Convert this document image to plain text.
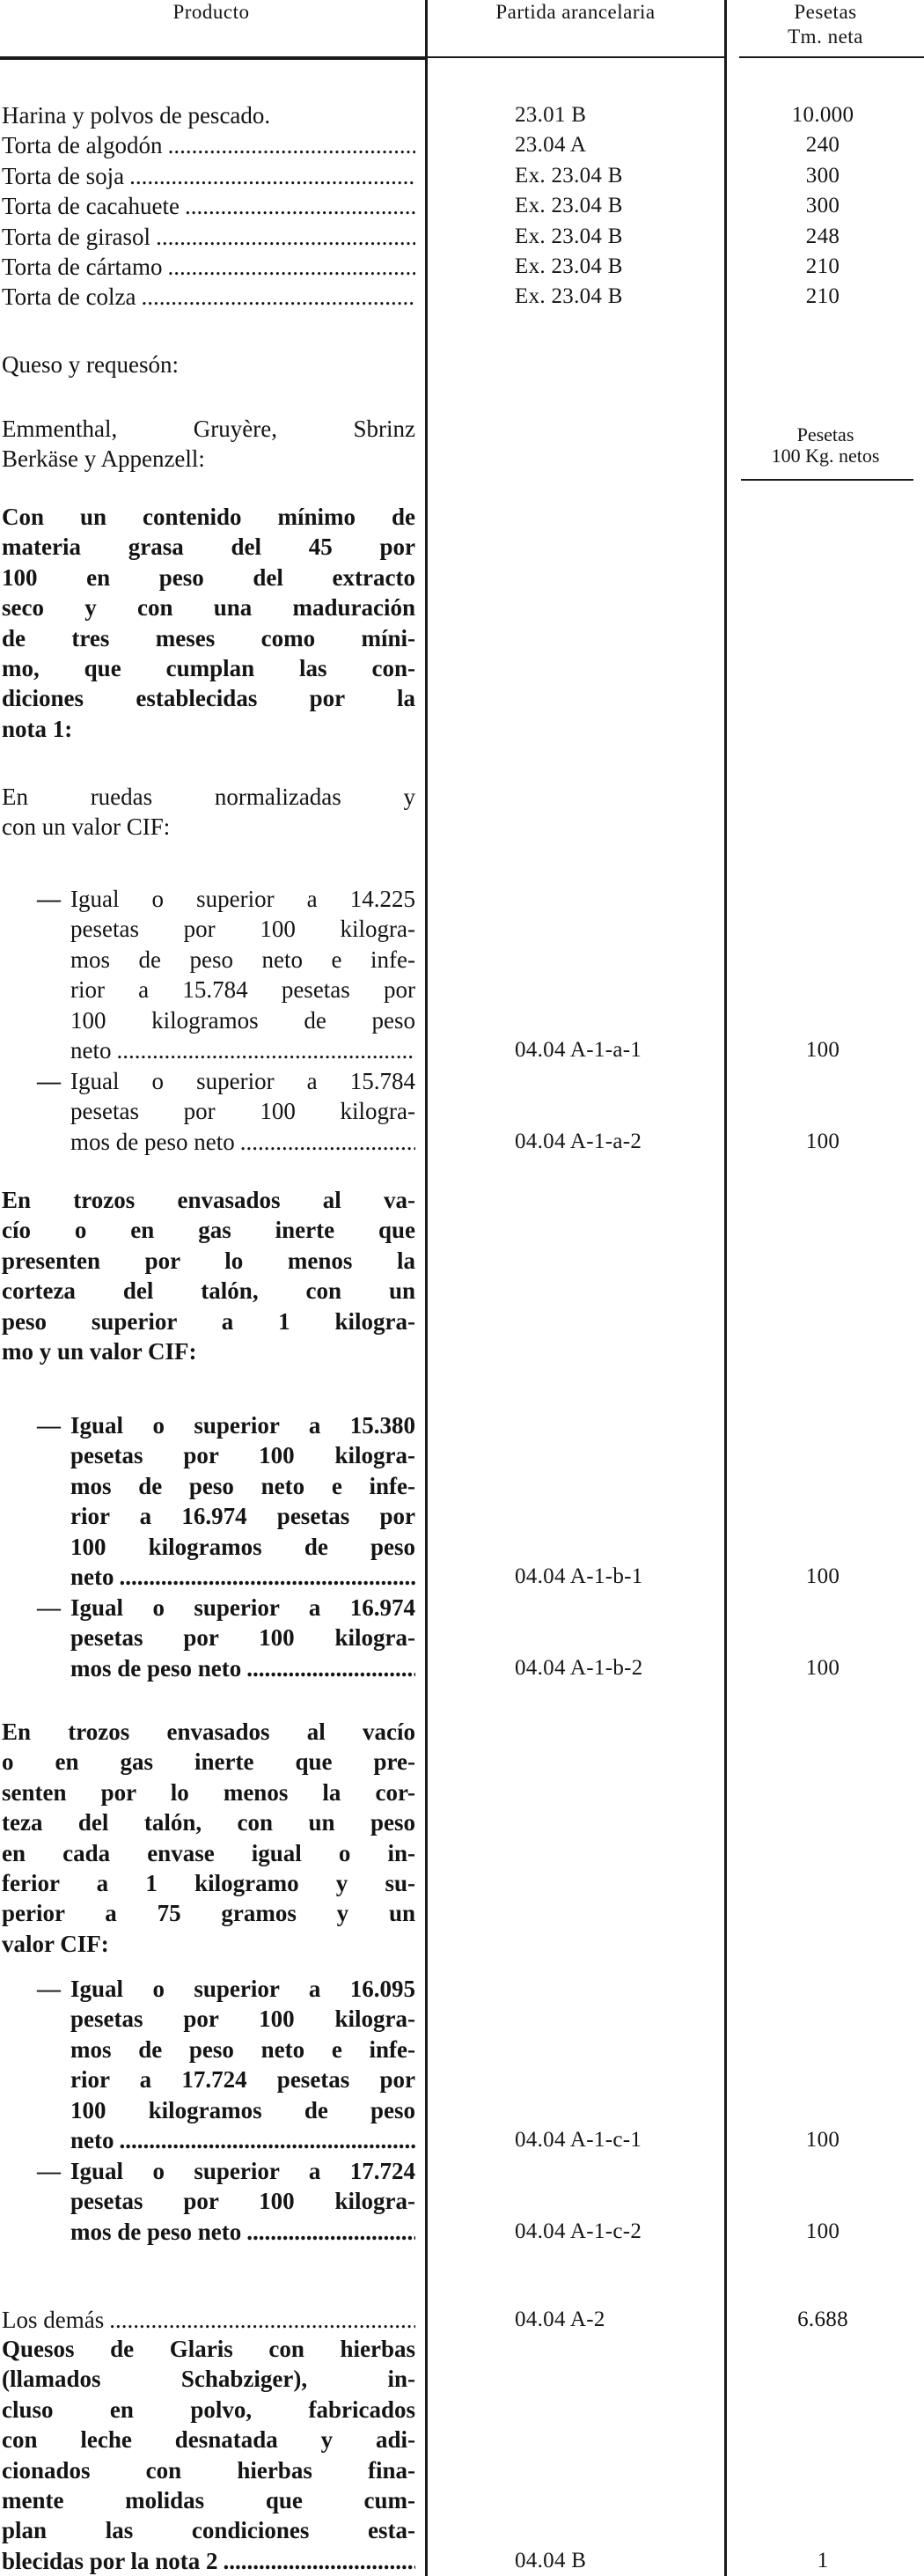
Producto	Partida arancelaria	Pesetas
Tm. neta
Queso y requesón:
Emmenthal, Gruyère, Sbrinz
Berkäse y Appenzell:
Pesetas
100 Kg. netos
Con un contenido mínimo de
materia grasa del 45 por
100 en peso del extracto
seco y con una maduración
de tres meses como míni-
mo, que cumplan las con-
diciones establecidas por la
nota 1:
En ruedas normalizadas y
con un valor CIF:
En trozos envasados al va-
cío o en gas inerte que
presenten por lo menos la
corteza del talón, con un
peso superior a 1 kilogra-
mo y un valor CIF:
En trozos envasados al vacío
o en gas inerte que pre-
senten por lo menos la cor-
teza del talón, con un peso
en cada envase igual o in-
ferior a 1 kilogramo y su-
perior a 75 gramos y un
valor CIF:
Harina y polvos de pescado.	23.01 B	10.000
Torta de algodón .....	23.04 A	240
Torta de soja .....	Ex. 23.04 B	300
Torta de cacahuete .....	Ex. 23.04 B	300
Torta de girasol .....	Ex. 23.04 B	248
Torta de cártamo .....	Ex. 23.04 B	210
Torta de colza .....	Ex. 23.04 B	210
— Igual o superior a 14.225
pesetas por 100 kilogra-
mos de peso neto e infe-
rior a 15.784 pesetas por
100 kilogramos de peso
neto .....	04.04 A-1-a-1	100
— Igual o superior a 15.784
pesetas por 100 kilogra-
mos de peso neto .....	04.04 A-1-a-2	100
— Igual o superior a 15.380
pesetas por 100 kilogra-
mos de peso neto e infe-
rior a 16.974 pesetas por
100 kilogramos de peso
neto .....	04.04 A-1-b-1	100
— Igual o superior a 16.974
pesetas por 100 kilogra-
mos de peso neto .....	04.04 A-1-b-2	100
— Igual o superior a 16.095
pesetas por 100 kilogra-
mos de peso neto e infe-
rior a 17.724 pesetas por
100 kilogramos de peso
neto .....	04.04 A-1-c-1	100
— Igual o superior a 17.724
pesetas por 100 kilogra-
mos de peso neto .....	04.04 A-1-c-2	100
Los demás .....	04.04 A-2	6.688
Quesos de Glaris con hierbas
(llamados Schabziger), in-
cluso en polvo, fabricados
con leche desnatada y adi-
cionados con hierbas fina-
mente molidas que cum-
plan las condiciones esta-
blecidas por la nota 2 .....	04.04 B	1
